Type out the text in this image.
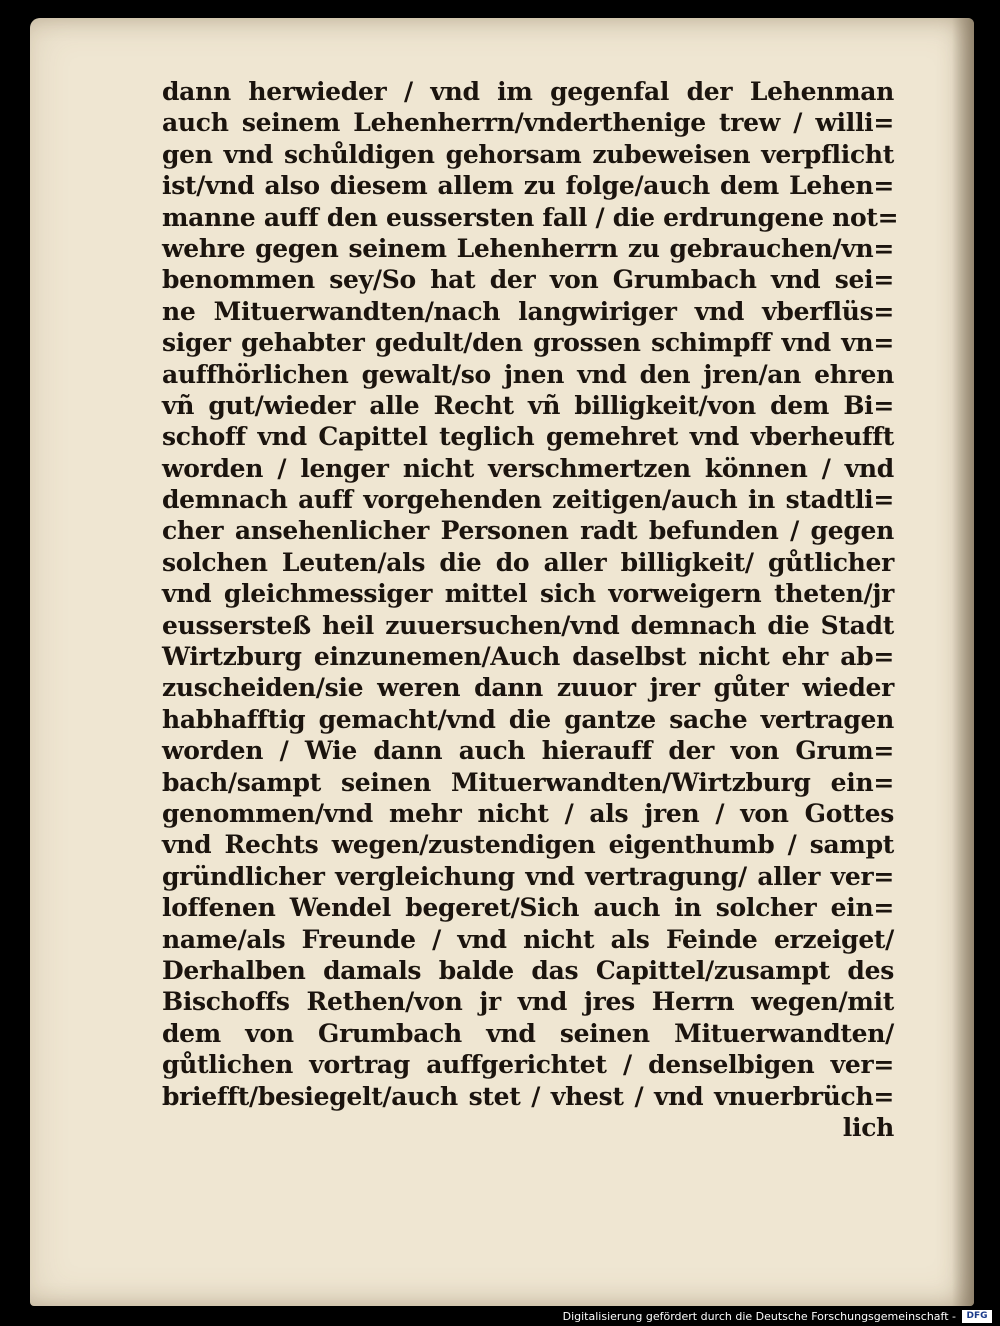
dann herwieder / vnd im gegenfal der Lehenman
auch seinem Lehenherrn/vnderthenige trew / willi=
gen vnd schůldigen gehorsam zubeweisen verpflicht
ist/vnd also diesem allem zu folge/auch dem Lehen=
manne auff den eussersten fall / die erdrungene not=
wehre gegen seinem Lehenherrn zu gebrauchen/vn=
benommen sey/So hat der von Grumbach vnd sei=
ne Mituerwandten/nach langwiriger vnd vberflüs=
siger gehabter gedult/den grossen schimpff vnd vn=
auffhörlichen gewalt/so jnen vnd den jren/an ehren
vñ gut/wieder alle Recht vñ billigkeit/von dem Bi=
schoff vnd Capittel teglich gemehret vnd vberheufft
worden / lenger nicht verschmertzen können / vnd
demnach auff vorgehenden zeitigen/auch in stadtli=
cher ansehenlicher Personen radt befunden / gegen
solchen Leuten/als die do aller billigkeit/ gůtlicher
vnd gleichmessiger mittel sich vorweigern theten/jr
eussersteß heil zuuersuchen/vnd demnach die Stadt
Wirtzburg einzunemen/Auch daselbst nicht ehr ab=
zuscheiden/sie weren dann zuuor jrer gůter wieder
habhafftig gemacht/vnd die gantze sache vertragen
worden / Wie dann auch hierauff der von Grum=
bach/sampt seinen Mituerwandten/Wirtzburg ein=
genommen/vnd mehr nicht / als jren / von Gottes
vnd Rechts wegen/zustendigen eigenthumb / sampt
gründlicher vergleichung vnd vertragung/ aller ver=
loffenen Wendel begeret/Sich auch in solcher ein=
name/als Freunde / vnd nicht als Feinde erzeiget/
Derhalben damals balde das Capittel/zusampt des
Bischoffs Rethen/von jr vnd jres Herrn wegen/mit
dem von Grumbach vnd seinen Mituerwandten/
gůtlichen vortrag auffgerichtet / denselbigen ver=
briefft/besiegelt/auch stet / vhest / vnd vnuerbrüch=
lich
Digitalisierung gefördert durch die Deutsche Forschungsgemeinschaft -	DFG
